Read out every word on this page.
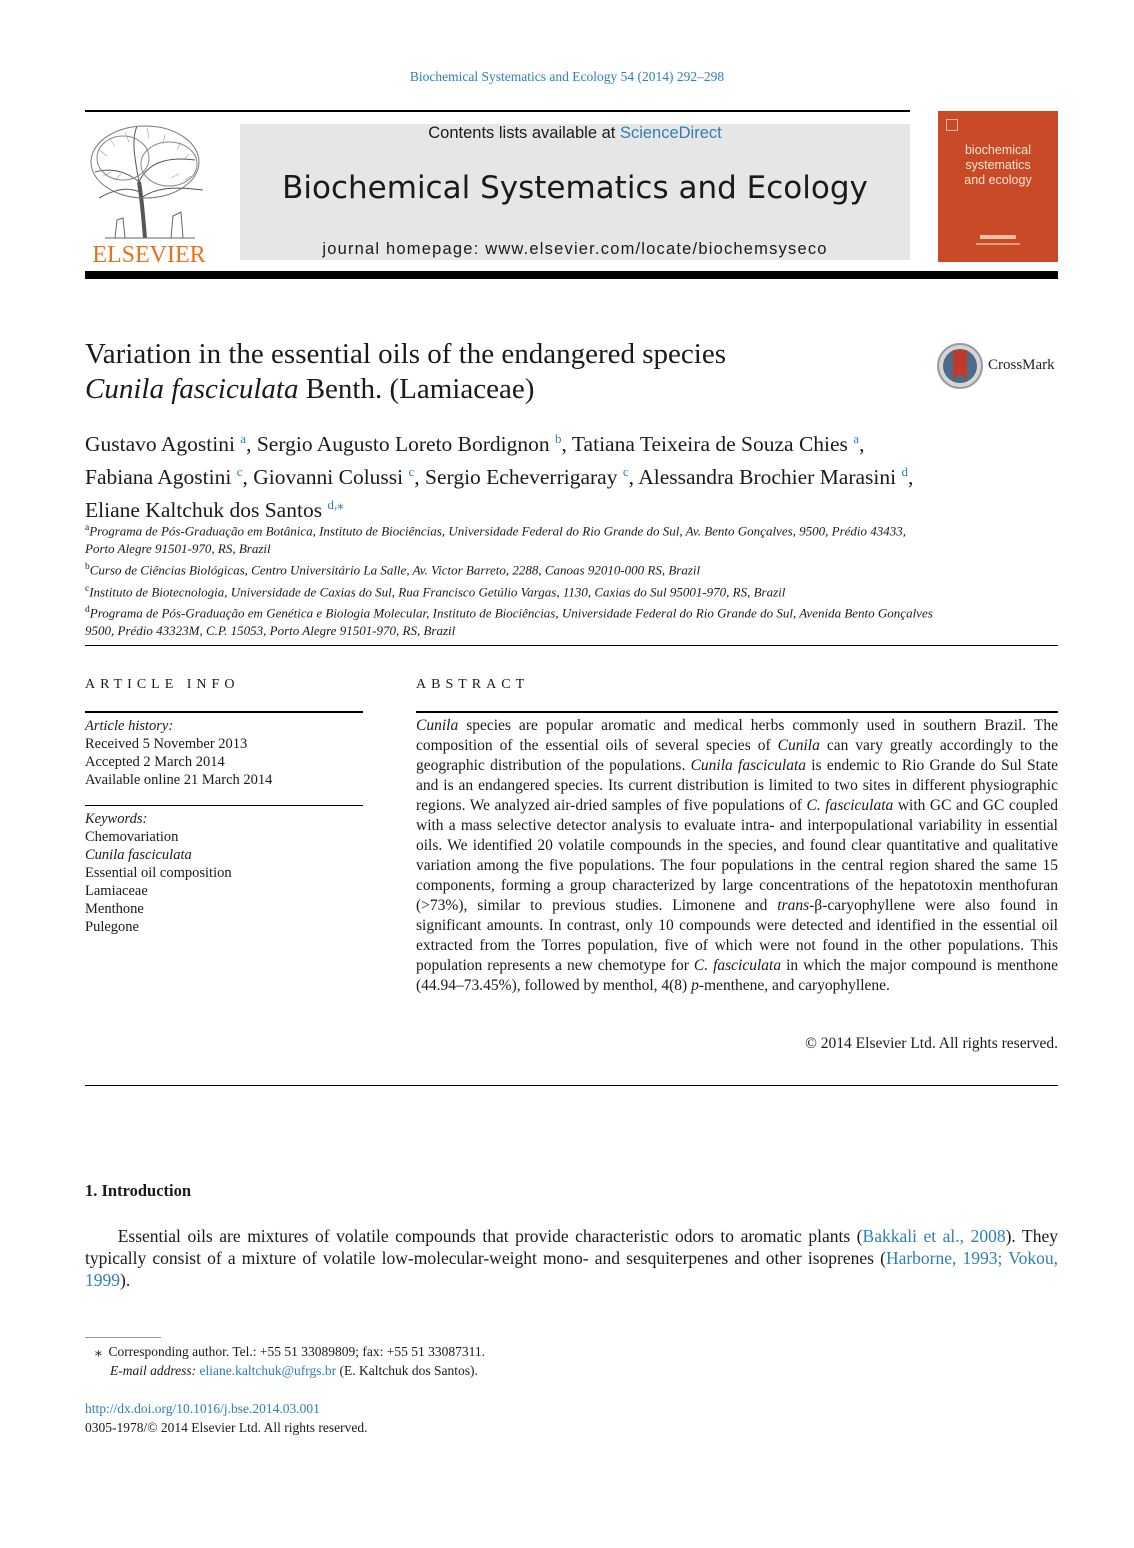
Biochemical Systematics and Ecology 54 (2014) 292–298
ELSEVIER
Contents lists available at ScienceDirect
Biochemical Systematics and Ecology
journal homepage: www.elsevier.com/locate/biochemsyseco
biochemical
systematics
and ecology
Variation in the essential oils of the endangered species
Cunila fasciculata Benth. (Lamiaceae)
CrossMark
Gustavo Agostini $^a$, Sergio Augusto Loreto Bordignon $^b$, Tatiana Teixeira de Souza Chies $^a$, Fabiana Agostini $^c$, Giovanni Colussi $^c$, Sergio Echeverrigaray $^c$, Alessandra Brochier Marasini $^d$, Eliane Kaltchuk dos Santos $^{d,⁎}$
$^a$Programa de Pós-Graduação em Botânica, Instituto de Biociências, Universidade Federal do Rio Grande do Sul, Av. Bento Gonçalves, 9500, Prédio 43433, Porto Alegre 91501-970, RS, Brazil
$^b$Curso de Ciências Biológicas, Centro Universitário La Salle, Av. Victor Barreto, 2288, Canoas 92010-000 RS, Brazil
$^c$Instituto de Biotecnologia, Universidade de Caxias do Sul, Rua Francisco Getúlio Vargas, 1130, Caxias do Sul 95001-970, RS, Brazil
$^d$Programa de Pós-Graduação em Genética e Biologia Molecular, Instituto de Biociências, Universidade Federal do Rio Grande do Sul, Avenida Bento Gonçalves 9500, Prédio 43323M, C.P. 15053, Porto Alegre 91501-970, RS, Brazil
ARTICLE INFO	ABSTRACT
Article history:
Received 5 November 2013
Accepted 2 March 2014
Available online 21 March 2014
Keywords:
Chemovariation
Cunila fasciculata
Essential oil composition
Lamiaceae
Menthone
Pulegone
Cunila species are popular aromatic and medical herbs commonly used in southern Brazil. The composition of the essential oils of several species of Cunila can vary greatly accordingly to the geographic distribution of the populations. Cunila fasciculata is endemic to Rio Grande do Sul State and is an endangered species. Its current distribution is limited to two sites in different physiographic regions. We analyzed air-dried samples of five populations of C. fasciculata with GC and GC coupled with a mass selective detector analysis to evaluate intra- and interpopulational variability in essential oils. We identified 20 volatile compounds in the species, and found clear quantitative and qualitative variation among the five populations. The four populations in the central region shared the same 15 components, forming a group characterized by large concentrations of the hepatotoxin menthofuran (>73%), similar to previous studies. Limonene and trans-β-caryophyllene were also found in significant amounts. In contrast, only 10 compounds were detected and identified in the essential oil extracted from the Torres population, five of which were not found in the other populations. This population represents a new chemotype for C. fasciculata in which the major compound is menthone (44.94–73.45%), followed by menthol, 4(8) p-menthene, and caryophyllene.
© 2014 Elsevier Ltd. All rights reserved.
1. Introduction
Essential oils are mixtures of volatile compounds that provide characteristic odors to aromatic plants (Bakkali et al., 2008). They typically consist of a mixture of volatile low-molecular-weight mono- and sesquiterpenes and other isoprenes (Harborne, 1993; Vokou, 1999).
⁎  Corresponding author. Tel.: +55 51 33089809; fax: +55 51 33087311.
E-mail address: eliane.kaltchuk@ufrgs.br (E. Kaltchuk dos Santos).
http://dx.doi.org/10.1016/j.bse.2014.03.001
0305-1978/© 2014 Elsevier Ltd. All rights reserved.
